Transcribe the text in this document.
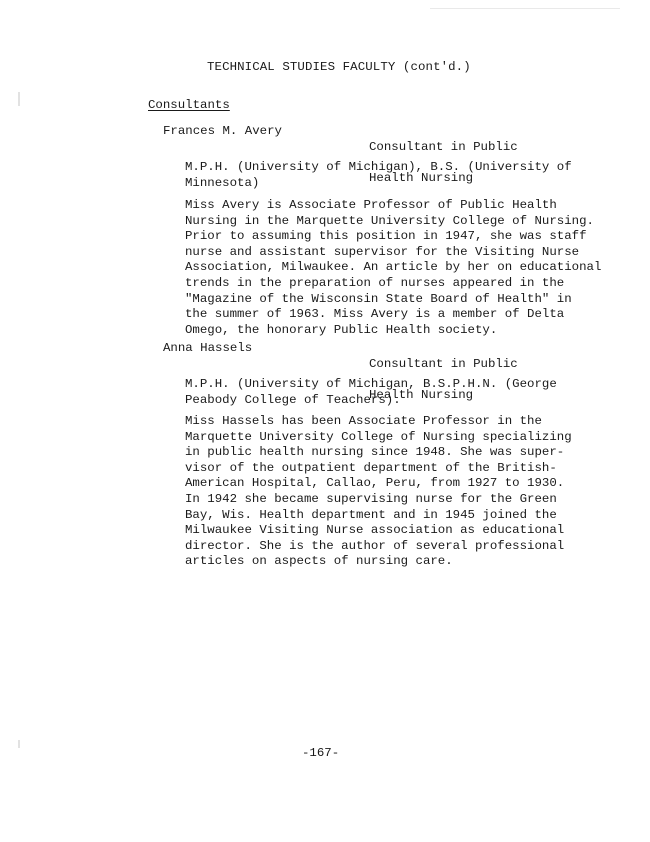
TECHNICAL STUDIES FACULTY (cont'd.)
Consultants
Frances M. Avery

Consultant in Public

Health Nursing

M.P.H. (University of Michigan), B.S. (University of
Minnesota)
Miss Avery is Associate Professor of Public Health
Nursing in the Marquette University College of Nursing.
Prior to assuming this position in 1947, she was staff
nurse and assistant supervisor for the Visiting Nurse
Association, Milwaukee. An article by her on educational
trends in the preparation of nurses appeared in the
"Magazine of the Wisconsin State Board of Health" in
the summer of 1963. Miss Avery is a member of Delta
Omego, the honorary Public Health society.
Anna Hassels

Consultant in Public

Health Nursing

M.P.H. (University of Michigan, B.S.P.H.N. (George
Peabody College of Teachers).
Miss Hassels has been Associate Professor in the
Marquette University College of Nursing specializing
in public health nursing since 1948. She was super-
visor of the outpatient department of the British-
American Hospital, Callao, Peru, from 1927 to 1930.
In 1942 she became supervising nurse for the Green
Bay, Wis. Health department and in 1945 joined the
Milwaukee Visiting Nurse association as educational
director. She is the author of several professional
articles on aspects of nursing care.
-167-
